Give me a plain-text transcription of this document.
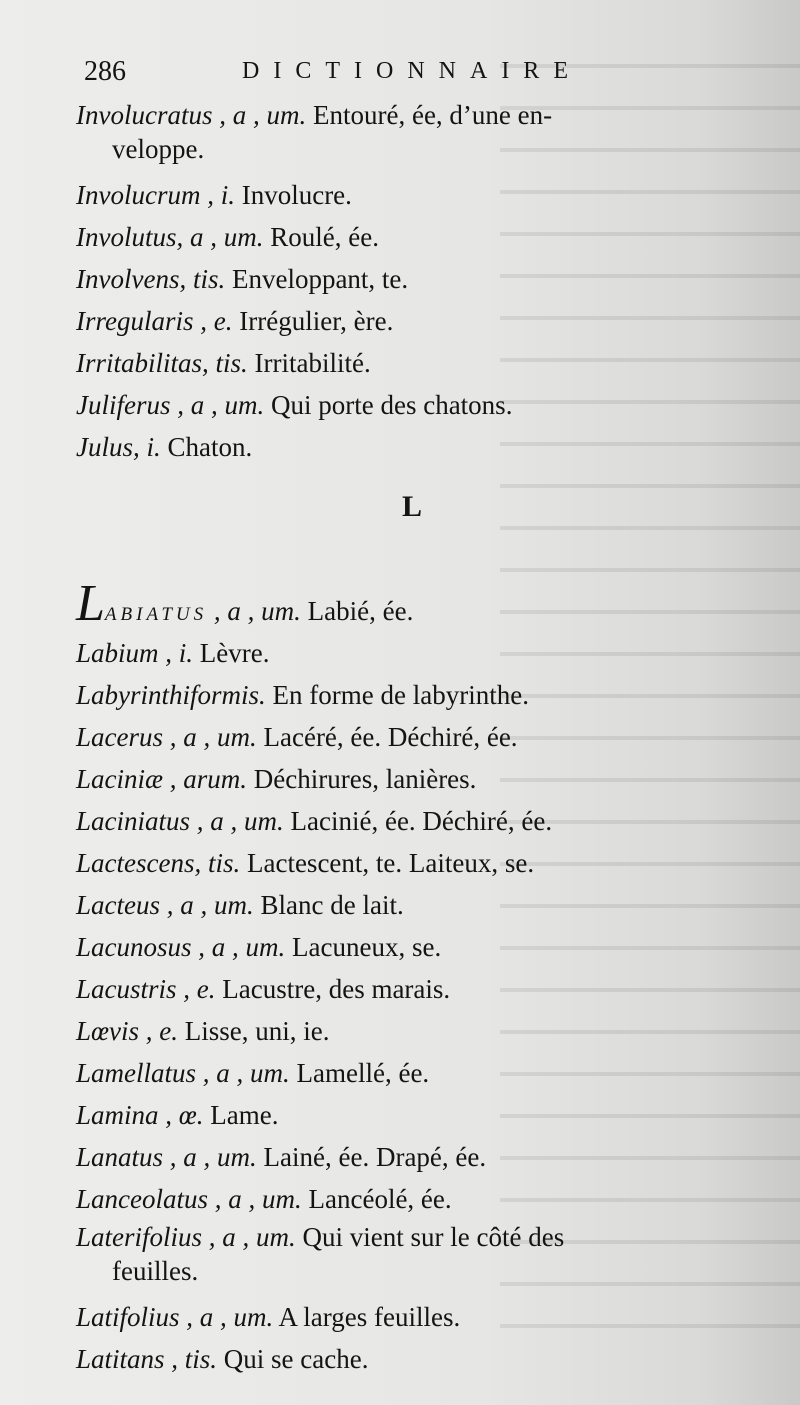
286	DICTIONNAIRE

Involucratus , a , um. Entouré, ée, d’une en-
veloppe.

Involucrum , i. Involucre.

Involutus, a , um. Roulé, ée.

Involvens, tis. Enveloppant, te.

Irregularis , e. Irrégulier, ère.

Irritabilitas, tis. Irritabilité.

Juliferus , a , um. Qui porte des chatons.

Julus, i. Chaton.

L

Labiatus , a , um. Labié, ée.

Labium , i. Lèvre.

Labyrinthiformis. En forme de labyrinthe.

Lacerus , a , um. Lacéré, ée. Déchiré, ée.

Laciniæ , arum. Déchirures, lanières.

Laciniatus , a , um. Lacinié, ée. Déchiré, ée.

Lactescens, tis. Lactescent, te. Laiteux, se.

Lacteus , a , um. Blanc de lait.

Lacunosus , a , um. Lacuneux, se.

Lacustris , e. Lacustre, des marais.

Lœvis , e. Lisse, uni, ie.

Lamellatus , a , um. Lamellé, ée.

Lamina , œ. Lame.

Lanatus , a , um. Lainé, ée. Drapé, ée.

Lanceolatus , a , um. Lancéolé, ée.

Laterifolius , a , um. Qui vient sur le côté des
feuilles.

Latifolius , a , um. A larges feuilles.

Latitans , tis. Qui se cache.
